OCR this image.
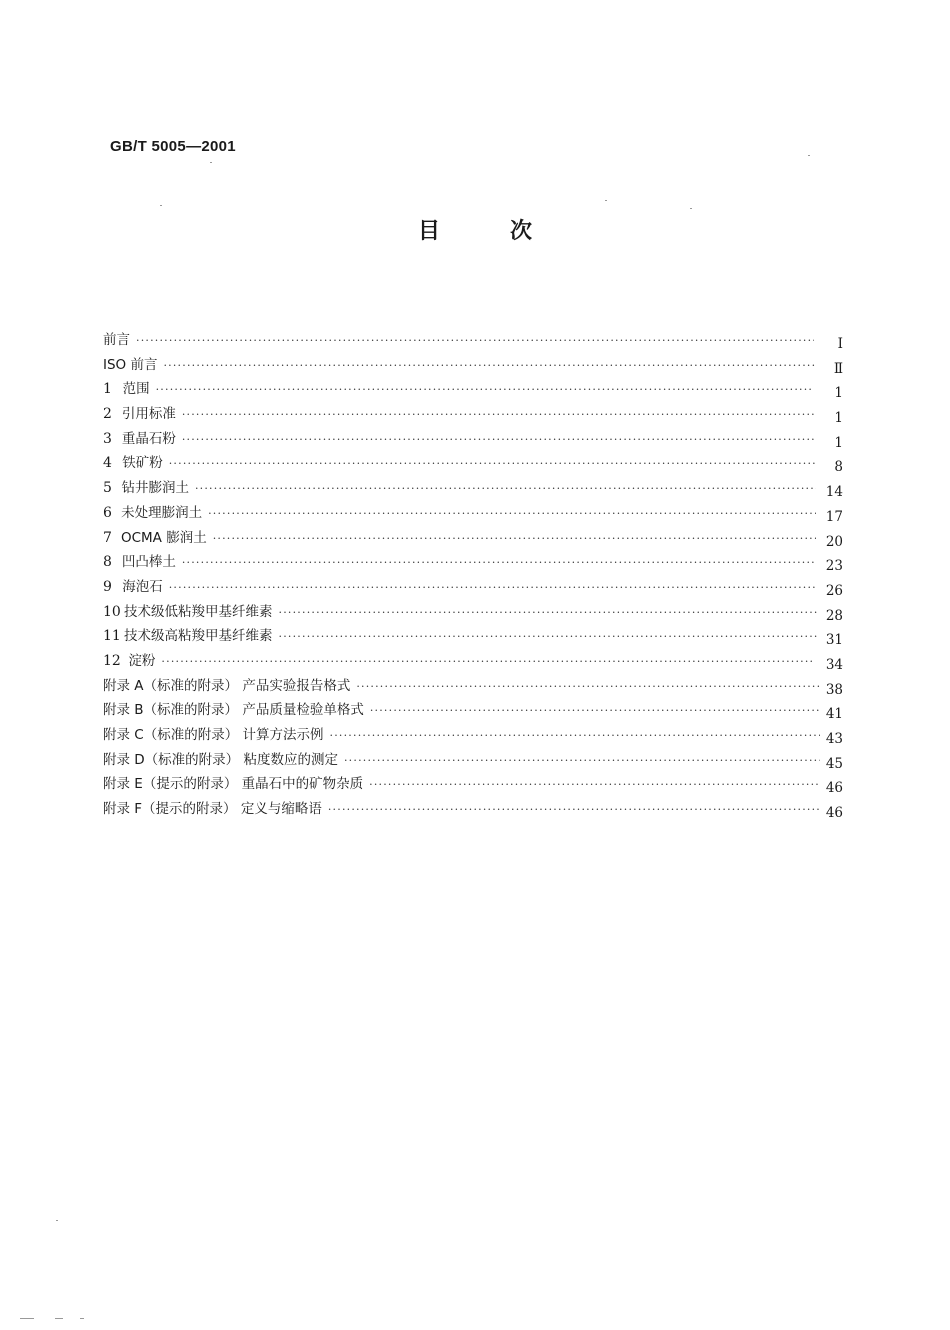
GB/T 5005—2001
目次
前言 ·····	I
ISO 前言 ·····	Ⅱ
1 范围 ·····	1
2 引用标准 ·····	1
3 重晶石粉 ·····	1
4 铁矿粉 ·····	8
5 钻井膨润土 ·····	14
6 未处理膨润土 ·····	17
7 OCMA 膨润土 ·····	20
8 凹凸棒土 ·····	23
9 海泡石 ·····	26
10 技术级低粘羧甲基纤维素 ·····	28
11 技术级高粘羧甲基纤维素 ·····	31
12 淀粉 ·····	34
附录 A（标准的附录） 产品实验报告格式 ·····	38
附录 B（标准的附录） 产品质量检验单格式 ·····	41
附录 C（标准的附录） 计算方法示例 ·····	43
附录 D（标准的附录） 粘度数应的测定 ·····	45
附录 E（提示的附录） 重晶石中的矿物杂质 ·····	46
附录 F（提示的附录） 定义与缩略语 ·····	46
